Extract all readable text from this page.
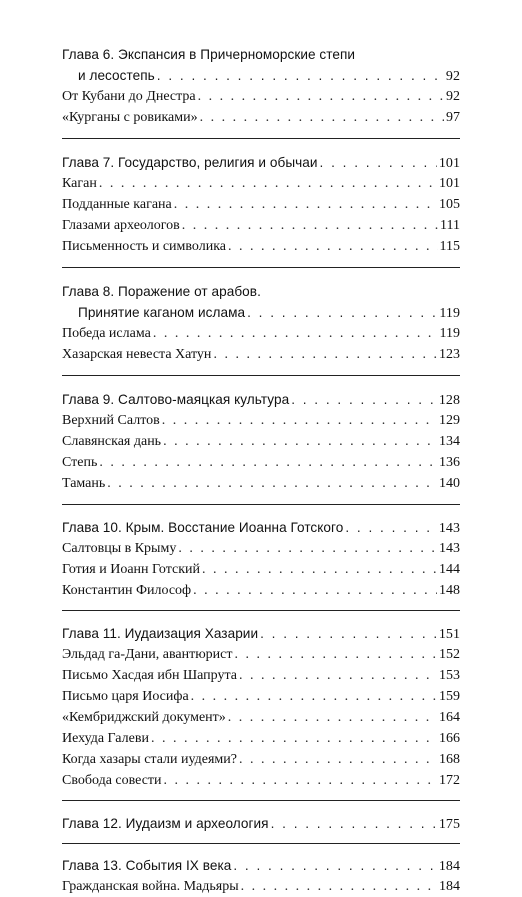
Глава 6. Экспансия в Причерноморские степи
и лесостепь . . .	92
От Кубани до Днестра . . .	92
«Курганы с ровиками» . . .	97
Глава 7. Государство, религия и обычаи . . .	101
Каган . . .	101
Подданные кагана . . .	105
Глазами археологов . . .	111
Письменность и символика . . .	115
Глава 8. Поражение от арабов.
Принятие каганом ислама . . .	119
Победа ислама . . .	119
Хазарская невеста Хатун . . .	123
Глава 9. Салтово-маяцкая культура . . .	128
Верхний Салтов . . .	129
Славянская дань . . .	134
Степь . . .	136
Тамань . . .	140
Глава 10. Крым. Восстание Иоанна Готского . . .	143
Салтовцы в Крыму . . .	143
Готия и Иоанн Готский . . .	144
Константин Философ . . .	148
Глава 11. Иудаизация Хазарии . . .	151
Эльдад га-Дани, авантюрист . . .	152
Письмо Хасдая ибн Шапрута . . .	153
Письмо царя Иосифа . . .	159
«Кембриджский документ» . . .	164
Иехуда Галеви . . .	166
Когда хазары стали иудеями? . . .	168
Свобода совести . . .	172
Глава 12. Иудаизм и археология . . .	175
Глава 13. События IX века . . .	184
Гражданская война. Мадьяры . . .	184
